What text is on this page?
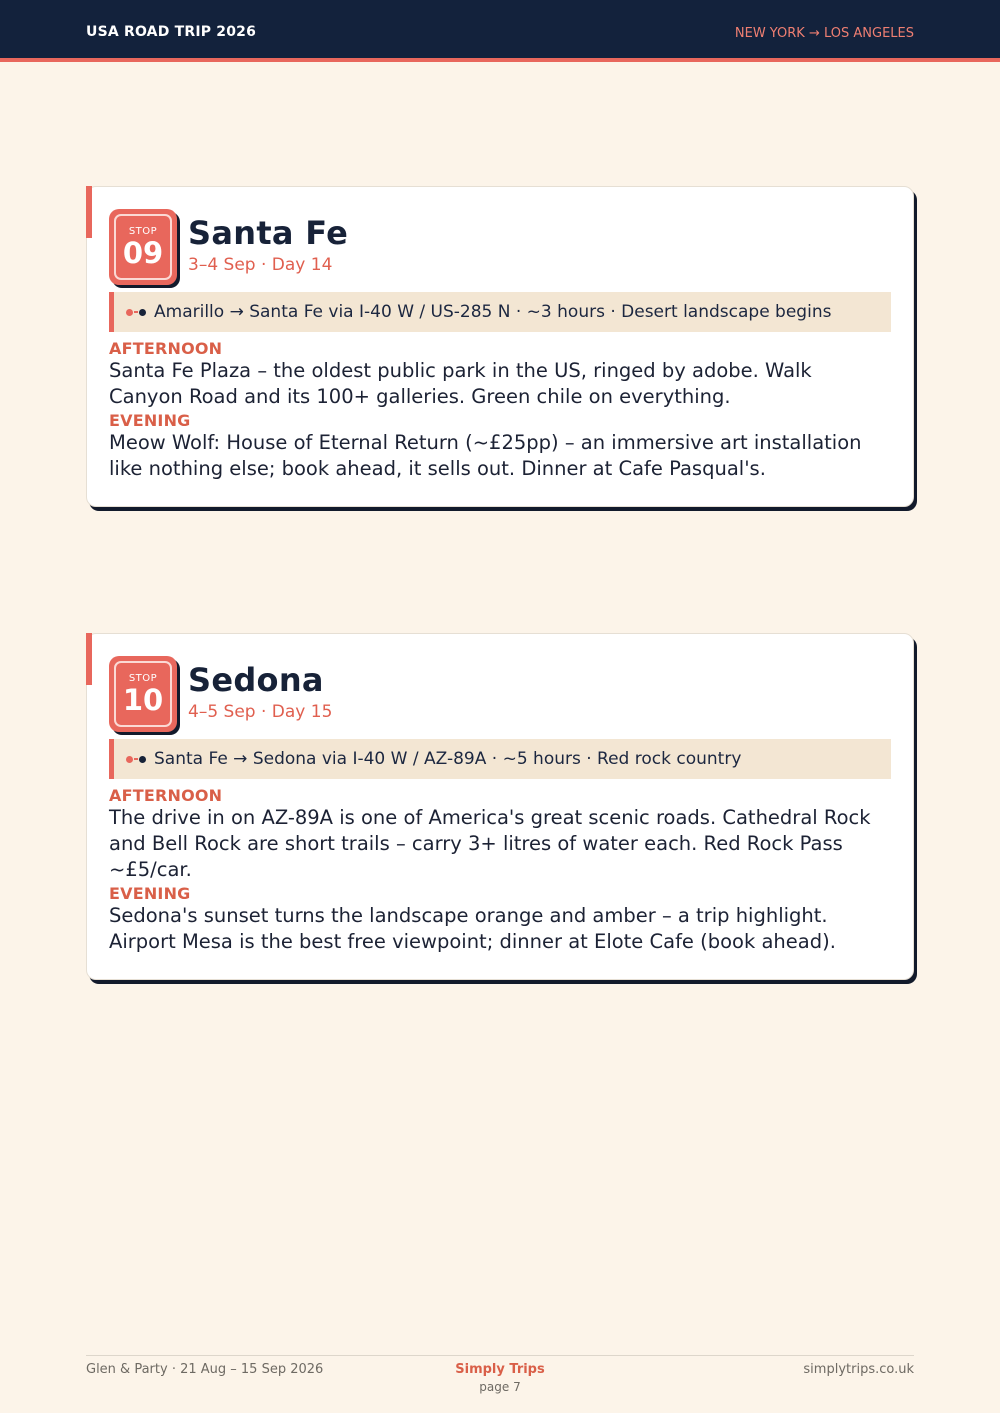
USA ROAD TRIP 2026	NEW YORK → LOS ANGELES
STOP
09
Santa Fe
3–4 Sep · Day 14
Amarillo → Santa Fe via I-40 W / US-285 N · ~3 hours · Desert landscape begins
AFTERNOON
Santa Fe Plaza – the oldest public park in the US, ringed by adobe. Walk Canyon Road and its 100+ galleries. Green chile on everything.
EVENING
Meow Wolf: House of Eternal Return (~£25pp) – an immersive art installation like nothing else; book ahead, it sells out. Dinner at Cafe Pasqual's.
STOP
10
Sedona
4–5 Sep · Day 15
Santa Fe → Sedona via I-40 W / AZ-89A · ~5 hours · Red rock country
AFTERNOON
The drive in on AZ-89A is one of America's great scenic roads. Cathedral Rock and Bell Rock are short trails – carry 3+ litres of water each. Red Rock Pass ~£5/car.
EVENING
Sedona's sunset turns the landscape orange and amber – a trip highlight. Airport Mesa is the best free viewpoint; dinner at Elote Cafe (book ahead).
Glen & Party · 21 Aug – 15 Sep 2026	Simply Trips
page 7
simplytrips.co.uk
